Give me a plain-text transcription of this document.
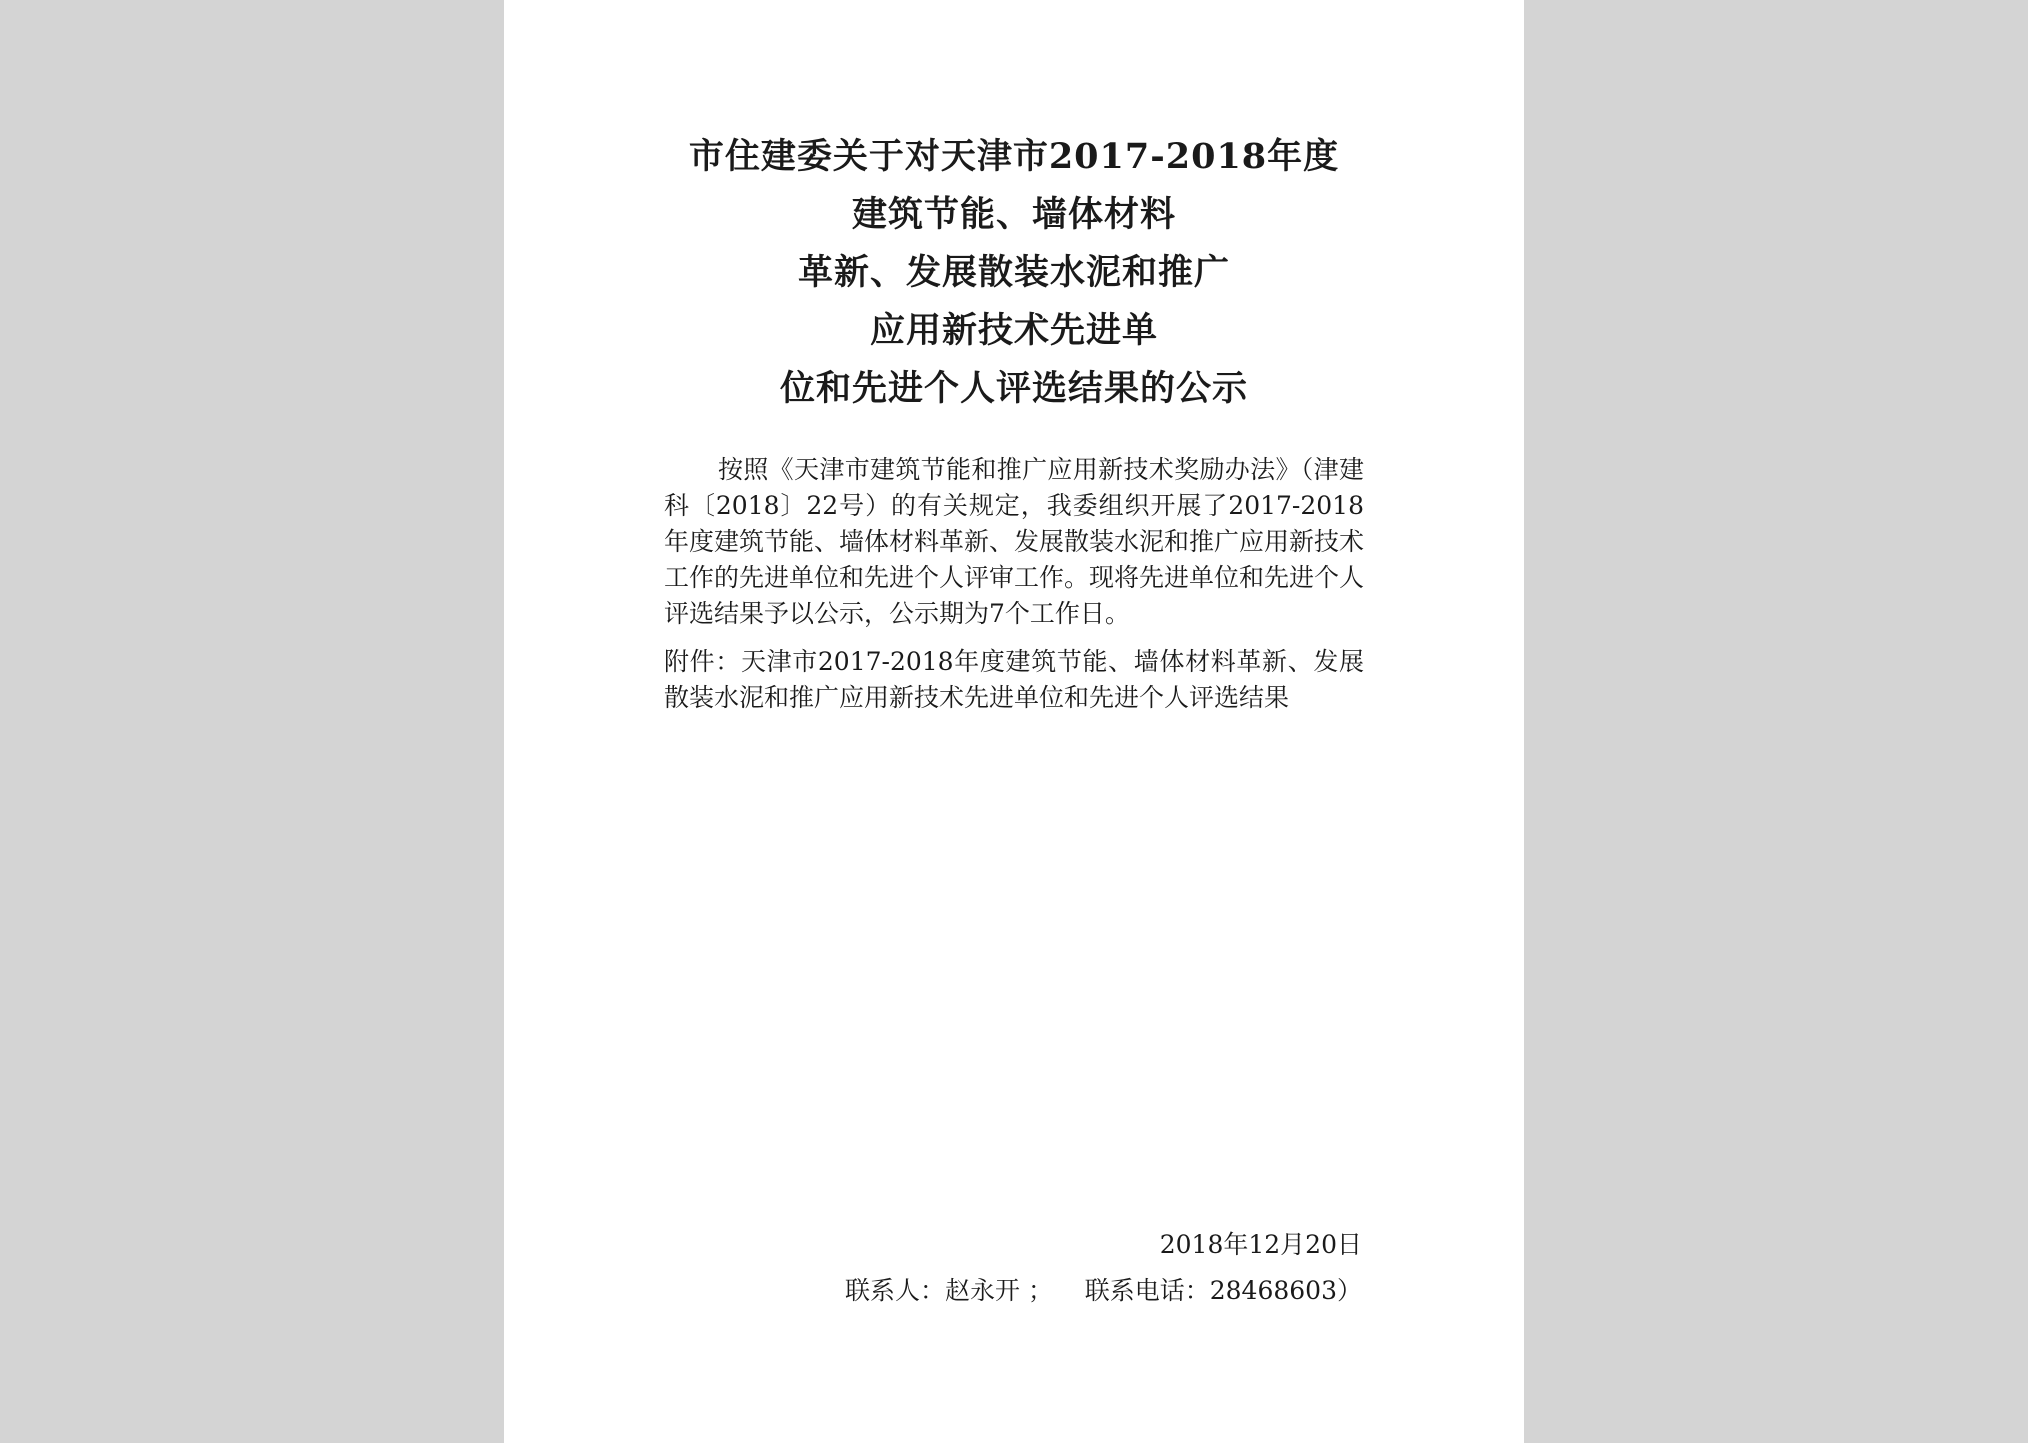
市住建委关于对天津市2017-2018年度
建筑节能、墙体材料
革新、发展散装水泥和推广
应用新技术先进单
位和先进个人评选结果的公示

按照《天津市建筑节能和推广应用新技术奖励办法》（津建科〔2018〕22号）的有关规定，我委组织开展了2017-2018年度建筑节能、墙体材料革新、发展散装水泥和推广应用新技术工作的先进单位和先进个人评审工作。现将先进单位和先进个人评选结果予以公示，公示期为7个工作日。

附件：天津市2017-2018年度建筑节能、墙体材料革新、发展散装水泥和推广应用新技术先进单位和先进个人评选结果

2018年12月20日
联系人：赵永开 ；    联系电话：28468603）
